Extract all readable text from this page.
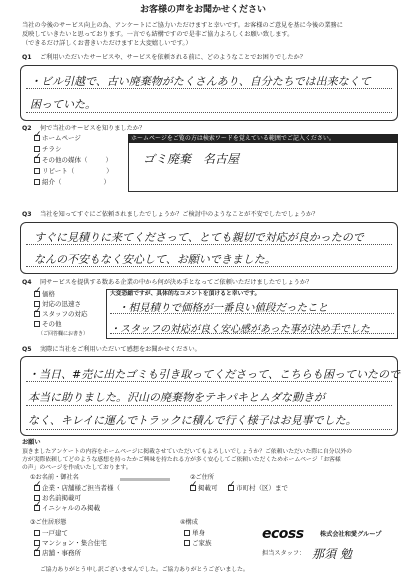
お客様の声をお聞かせください
当社の今後のサービス向上の為、アンケートにご協力いただけますと幸いです。お客様のご意見を基に今後の業務に
反映していきたいと思っております。一言でも結構ですので是非ご協力よろしくお願い致します。
（できるだけ詳しくお書きいただけますと大変嬉しいです。）
Q1 ご利用いただいたサービスや、サービスを依頼される前に、どのようなことでお困りでしたか？
・ビル引越で、古い廃棄物がたくさんあり、自分たちでは出来なくて
困っていた。
Q2 何で当社のサービスを知りましたか？
✓ホームページ
チラシ
✓その他の媒体（	）
リピート（	）
紹介（	）
ホームページをご覧の方は検索ワードを覚えている範囲でご記入ください。
ゴミ廃棄　名古屋
Q3 当社を知ってすぐにご依頼されましたでしょうか？ご検討中のようなことが不安でしたでしょうか？
すぐに見積りに来てくださって、とても親切で対応が良かったので
なんの不安もなく安心して、お願いできました。
Q4 同サービスを提供する数ある企業の中から何が決め手となってご依頼いただけましたでしょうか？
✓価格
対応の迅速さ
✓スタッフの対応
その他
（ご回答欄にお書き）
大変恐縮ですが、具体的なコメントを頂けると幸いです。
・相見積りで価格が一番良い値段だったこと
・スタッフの対応が良く安心感があった事が決め手でした
Q5 実際に当社をご利用いただいて感想をお聞かせください。
・当日、#売に出たゴミも引き取ってくださって、こちらも困っていたので
本当に助りました。沢山の廃棄物をテキパキとムダな動きが
なく、キレイに運んでトラックに積んで行く様子はお見事でした。
お願い
頂きましたアンケートの内容をホームページに掲載させていただいてもよろしいでしょうか？ご依頼いただいた際に自分以外の
方が実際依頼してどのような感想を持ったかご興味を持たれる方が多く安心してご依頼いただくためホームページ「お客様
の声」のページを作成いたしております。
①お名前・御社名	②ご住所
✓企業・店舗様ご担当者様（
お名前掲載可
✓イニシャルのみ掲載
✓掲載可
✓	市町村（区）まで
③ご住居形態
一戸建て
マンション・集合住宅
✓店舗・事務所
④構成
単身
ご家族
ecoss	株式会社和愛グループ
担当スタッフ： 那須 勉
ご協力ありがとう申し訳ございませんでした。ご協力ありがとうございました。
